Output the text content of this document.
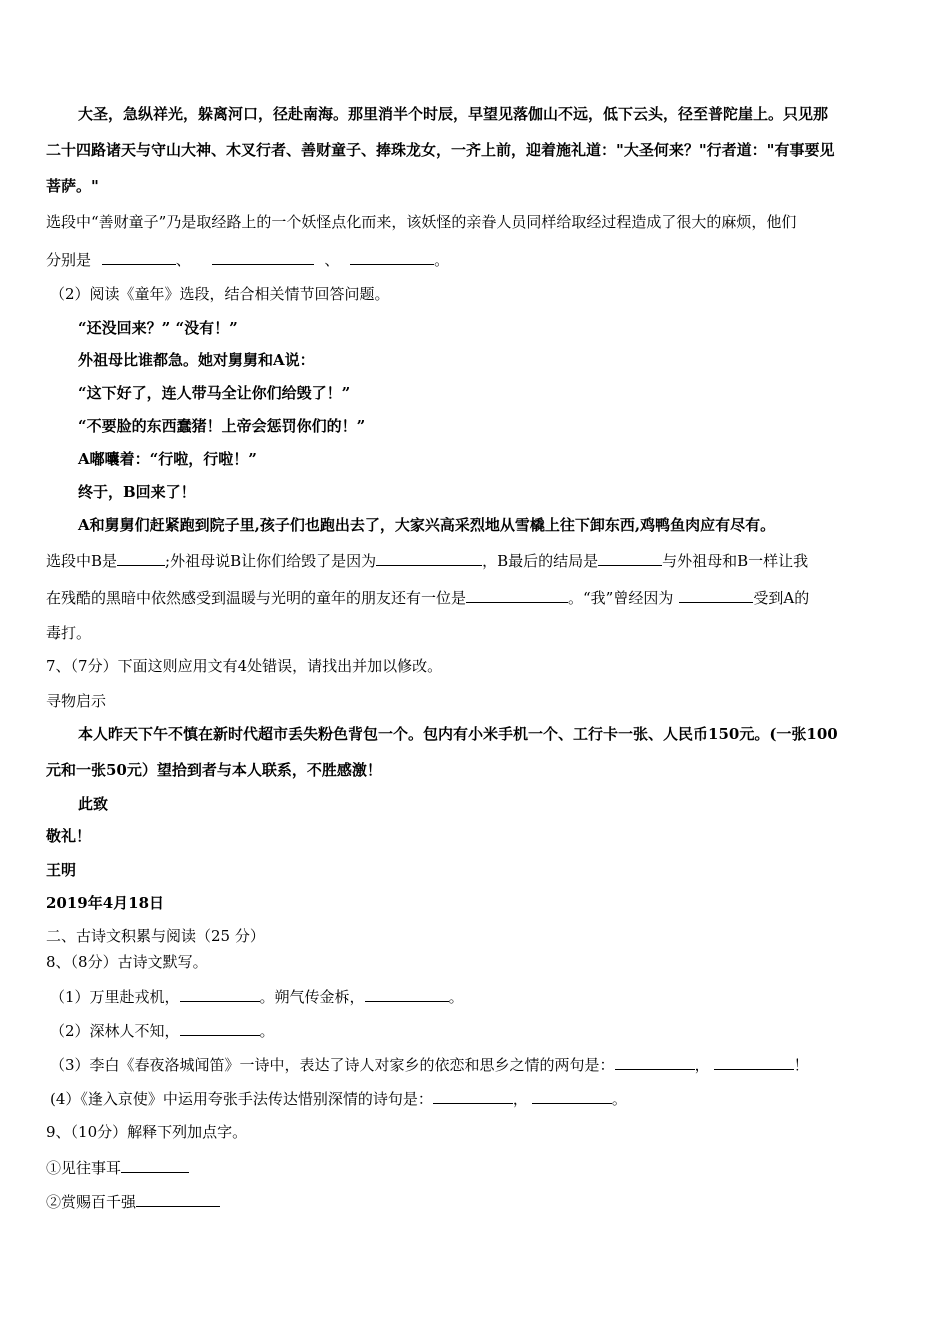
大圣，急纵祥光，躲离河口，径赴南海。那里消半个时辰，早望见落伽山不远，低下云头，径至普陀崖上。只见那
二十四路诸天与守山大神、木叉行者、善财童子、捧珠龙女，一齐上前，迎着施礼道："大圣何来？"行者道："有事要见
菩萨。"
选段中“善财童子”乃是取经路上的一个妖怪点化而来，该妖怪的亲眷人员同样给取经过程造成了很大的麻烦，他们
分别是	、	、	。
（2）阅读《童年》选段，结合相关情节回答问题。
“还没回来？” “没有！”
外祖母比谁都急。她对舅舅和A说：
“这下好了，连人带马全让你们给毁了！”
“不要脸的东西蠢猪！上帝会惩罚你们的！”
A嘟囔着：“行啦，行啦！”
终于，B回来了！
A和舅舅们赶紧跑到院子里,孩子们也跑出去了，大家兴高采烈地从雪橇上往下卸东西,鸡鸭鱼肉应有尽有。
选段中B是	;外祖母说B让你们给毁了是因为	，B最后的结局是	与外祖母和B一样让我
在残酷的黑暗中依然感受到温暖与光明的童年的朋友还有一位是	。“我”曾经因为	受到A的
毒打。
7、（7分）下面这则应用文有4处错误，请找出并加以修改。
寻物启示
本人昨天下午不慎在新时代超市丢失粉色背包一个。包内有小米手机一个、工行卡一张、人民币150元。(一张100
元和一张50元）望拾到者与本人联系，不胜感激！
此致
敬礼！
王明
2019年4月18日
二、古诗文积累与阅读（25 分）
8、（8分）古诗文默写。
（1）万里赴戎机，	。朔气传金柝，	。
（2）深林人不知，	。
（3）李白《春夜洛城闻笛》一诗中，表达了诗人对家乡的依恋和思乡之情的两句是：	，	！
(4）《逢入京使》中运用夸张手法传达惜别深情的诗句是：	，	。
9、（10分）解释下列加点字。
①见往事耳
②赏赐百千强
